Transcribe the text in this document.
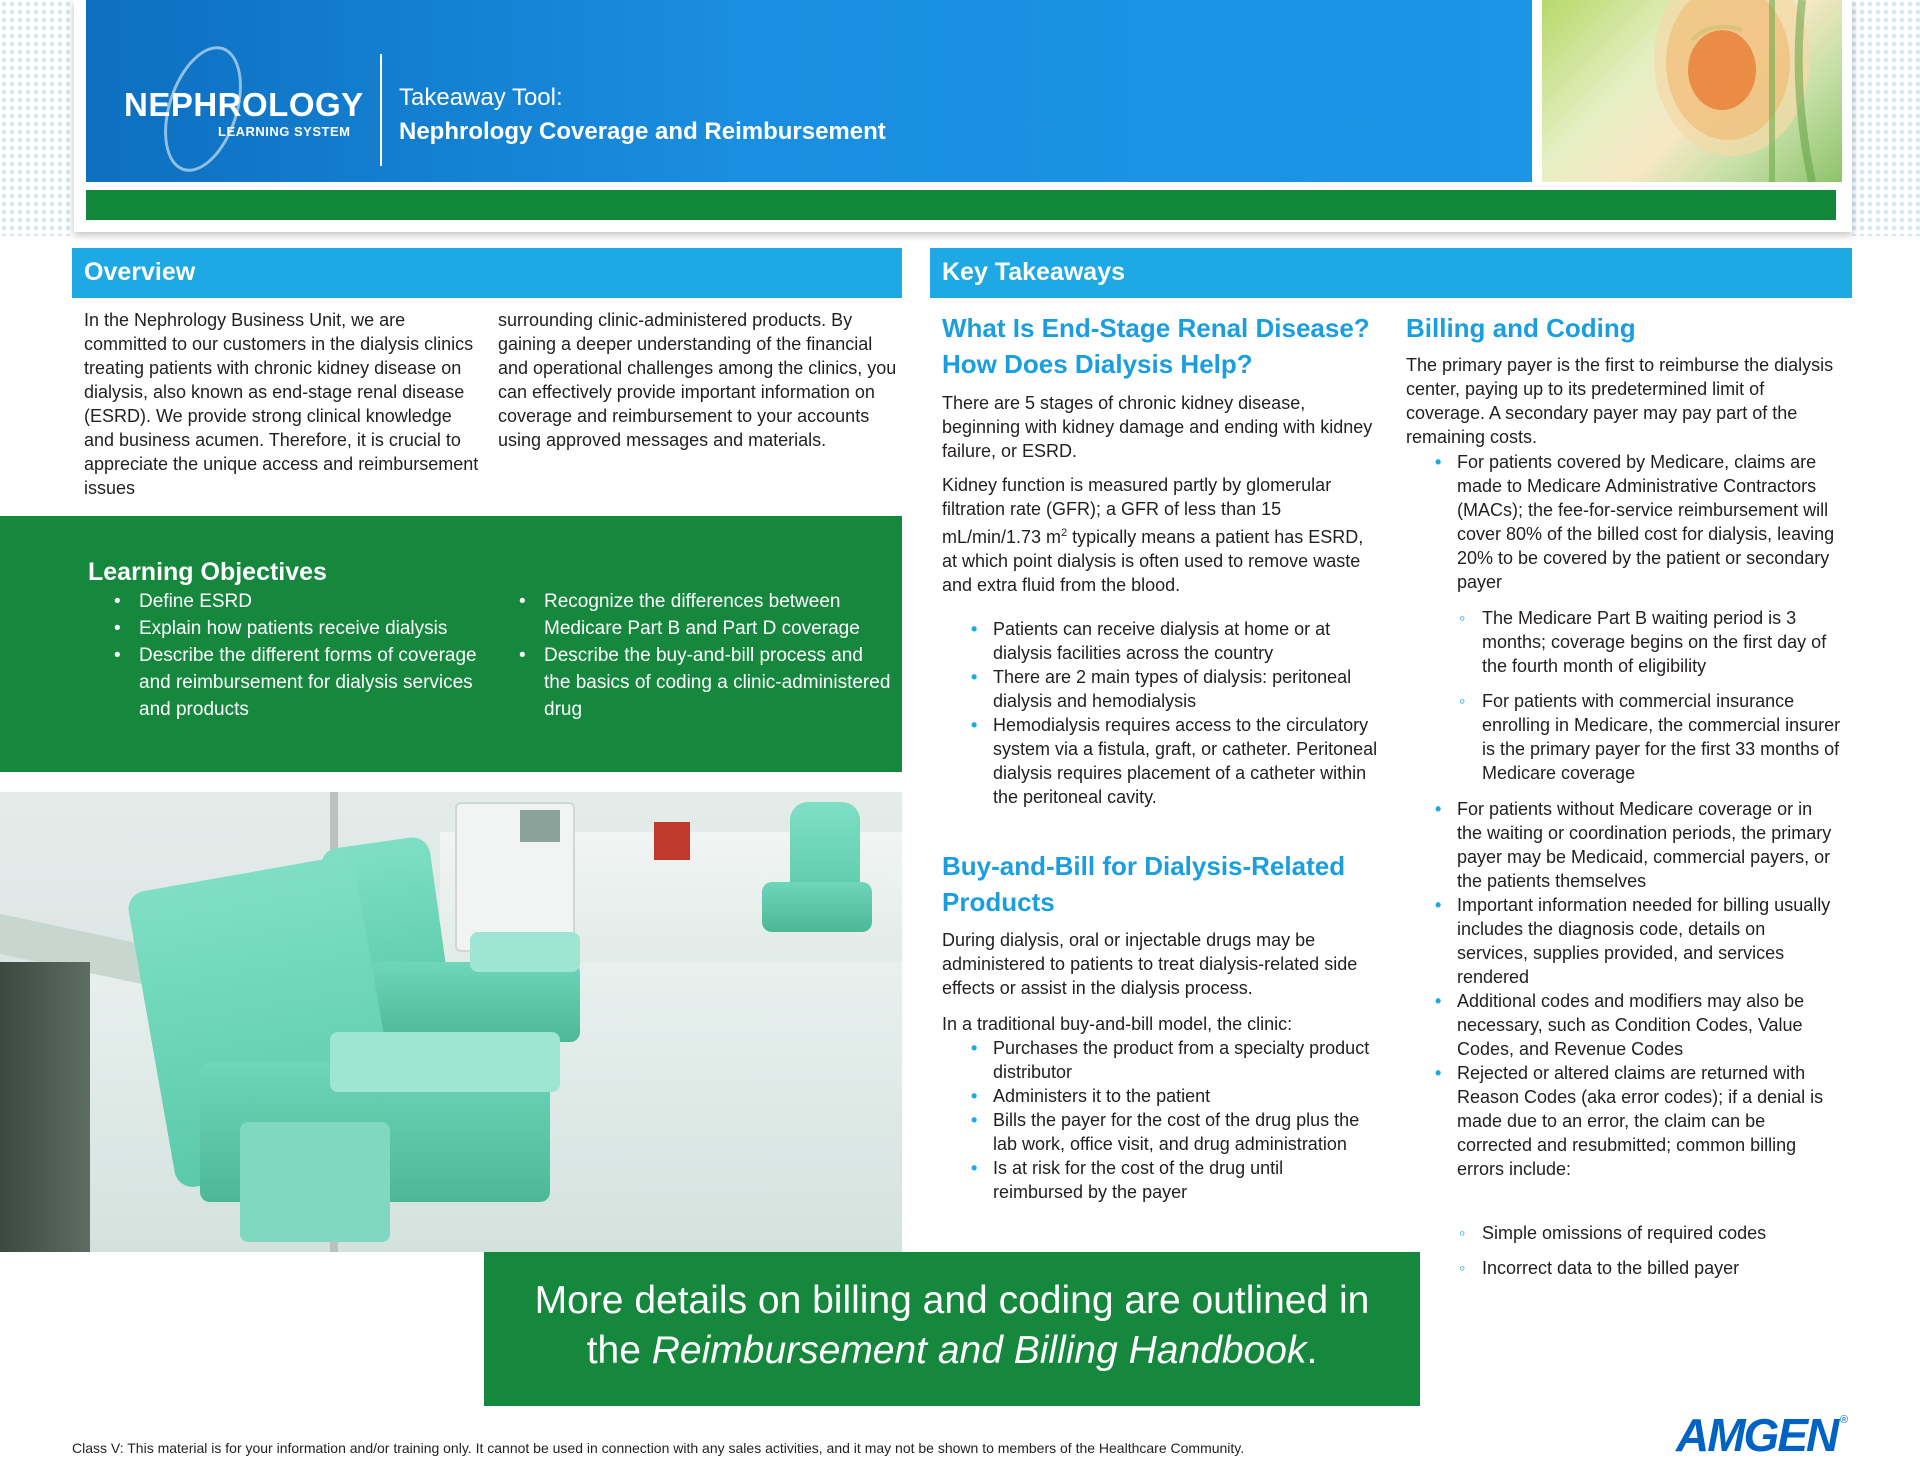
NEPHROLOGY
LEARNING SYSTEM
Takeaway Tool:
Nephrology Coverage and Reimbursement
Overview
In the Nephrology Business Unit, we are committed to our customers in the dialysis clinics treating patients with chronic kidney disease on dialysis, also known as end-stage renal disease (ESRD). We provide strong clinical knowledge and business acumen. Therefore, it is crucial to appreciate the unique access and reimbursement issues
surrounding clinic-administered products. By gaining a deeper understanding of the financial and operational challenges among the clinics, you can effectively provide important information on coverage and reimbursement to your accounts using approved messages and materials.
Learning Objectives
• Define ESRD
• Explain how patients receive dialysis
• Describe the different forms of coverage and reimbursement for dialysis services and products
• Recognize the differences between Medicare Part B and Part D coverage
• Describe the buy-and-bill process and the basics of coding a clinic-administered drug
More details on billing and coding are outlined in
the Reimbursement and Billing Handbook.
Key Takeaways
What Is End-Stage Renal Disease? How Does Dialysis Help?
There are 5 stages of chronic kidney disease, beginning with kidney damage and ending with kidney failure, or ESRD.
Kidney function is measured partly by glomerular filtration rate (GFR); a GFR of less than 15 mL/min/1.73 $m^2$ typically means a patient has ESRD, at which point dialysis is often used to remove waste and extra fluid from the blood.
• Patients can receive dialysis at home or at dialysis facilities across the country
• There are 2 main types of dialysis: peritoneal dialysis and hemodialysis
• Hemodialysis requires access to the circulatory system via a fistula, graft, or catheter. Peritoneal dialysis requires placement of a catheter within the peritoneal cavity.
Buy-and-Bill for Dialysis-Related Products
During dialysis, oral or injectable drugs may be administered to patients to treat dialysis-related side effects or assist in the dialysis process.
In a traditional buy-and-bill model, the clinic:
• Purchases the product from a specialty product distributor
• Administers it to the patient
• Bills the payer for the cost of the drug plus the lab work, office visit, and drug administration
• Is at risk for the cost of the drug until reimbursed by the payer
Billing and Coding
The primary payer is the first to reimburse the dialysis center, paying up to its predetermined limit of coverage. A secondary payer may pay part of the remaining costs.
• For patients covered by Medicare, claims are made to Medicare Administrative Contractors (MACs); the fee-for-service reimbursement will cover 80% of the billed cost for dialysis, leaving 20% to be covered by the patient or secondary payer
◦ The Medicare Part B waiting period is 3 months; coverage begins on the first day of the fourth month of eligibility
◦ For patients with commercial insurance enrolling in Medicare, the commercial insurer is the primary payer for the first 33 months of Medicare coverage
• For patients without Medicare coverage or in the waiting or coordination periods, the primary payer may be Medicaid, commercial payers, or the patients themselves
• Important information needed for billing usually includes the diagnosis code, details on services, supplies provided, and services rendered
• Additional codes and modifiers may also be necessary, such as Condition Codes, Value Codes, and Revenue Codes
• Rejected or altered claims are returned with Reason Codes (aka error codes); if a denial is made due to an error, the claim can be corrected and resubmitted; common billing errors include:
◦ Simple omissions of required codes
◦ Incorrect data to the billed payer
Class V: This material is for your information and/or training only. It cannot be used in connection with any sales activities, and it may not be shown to members of the Healthcare Community.	AMGEN ®
